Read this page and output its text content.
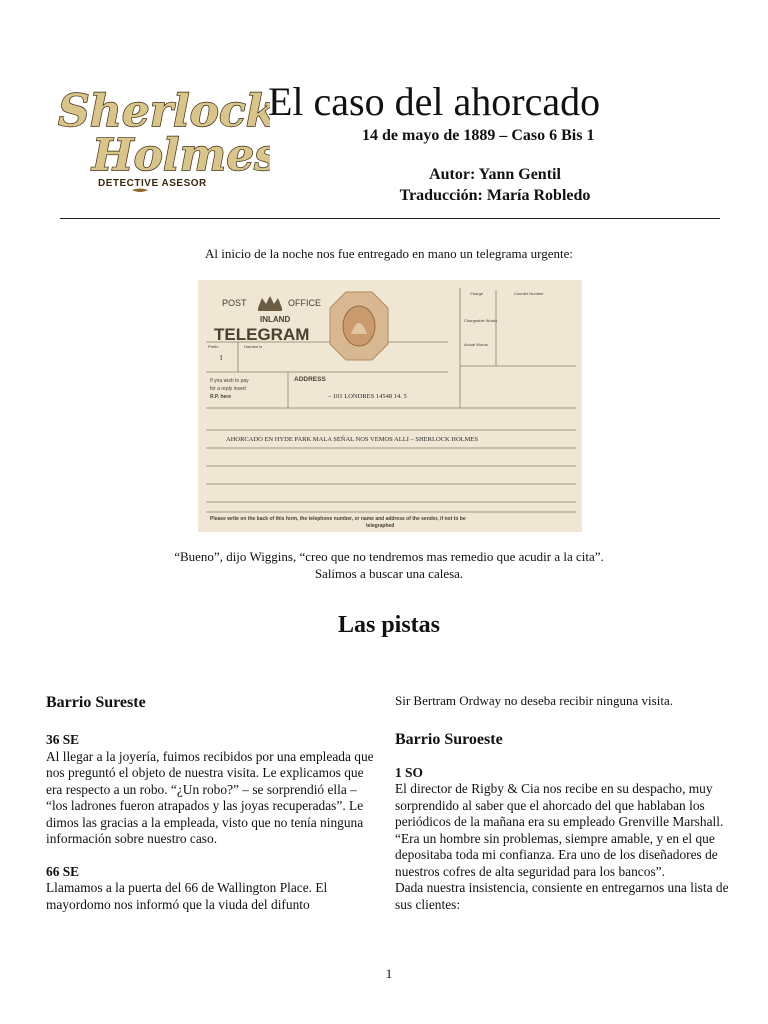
Sherlock
Holmes
DETECTIVE ASESOR
El caso del ahorcado
14 de mayo de 1889 – Caso 6 Bis 1
Autor: Yann Gentil
Traducción: María Robledo
Al inicio de la noche nos fue entregado en mano un telegrama urgente:
POST	OFFICE
INLAND
TELEGRAM
Prefix	Handed in
I
Charge	Counter Number
Chargeable Words
Actual Words
If you wish to pay
for a reply insert
R.P. here
ADDRESS
– 101 LONDRES 14548 14. 5
AHORCADO EN HYDE PARK MALA SEÑAL NOS VEMOS ALLI – SHERLOCK HOLMES
Please write on the back of this form, the telephone number, or name and address of the sender, if not to be
telegraphed
“Bueno”, dijo Wiggins, “creo que no tendremos mas remedio que acudir a la cita”.
Salimos a buscar una calesa.
Las pistas

Barrio Sureste

36 SE

Al llegar a la joyería, fuimos recibidos por una empleada que nos preguntó el objeto de nuestra visita. Le explicamos que era respecto a un robo. “¿Un robo?” – se sorprendió ella – “los ladrones fueron atrapados y las joyas recuperadas”. Le dimos las gracias a la empleada, visto que no tenía ninguna información sobre nuestro caso.

66 SE

Llamamos a la puerta del 66 de Wallington Place. El mayordomo nos informó que la viuda del difunto

Sir Bertram Ordway no deseba recibir ninguna visita.

Barrio Suroeste

1 SO

El director de Rigby & Cia nos recibe en su despacho, muy sorprendido al saber que el ahorcado del que hablaban los periódicos de la mañana era su empleado Grenville Marshall. “Era un hombre sin problemas, siempre amable, y en el que depositaba toda mi confianza. Era uno de los diseñadores de nuestros cofres de alta seguridad para los bancos”.

Dada nuestra insistencia, consiente en entregarnos una lista de sus clientes:

1
